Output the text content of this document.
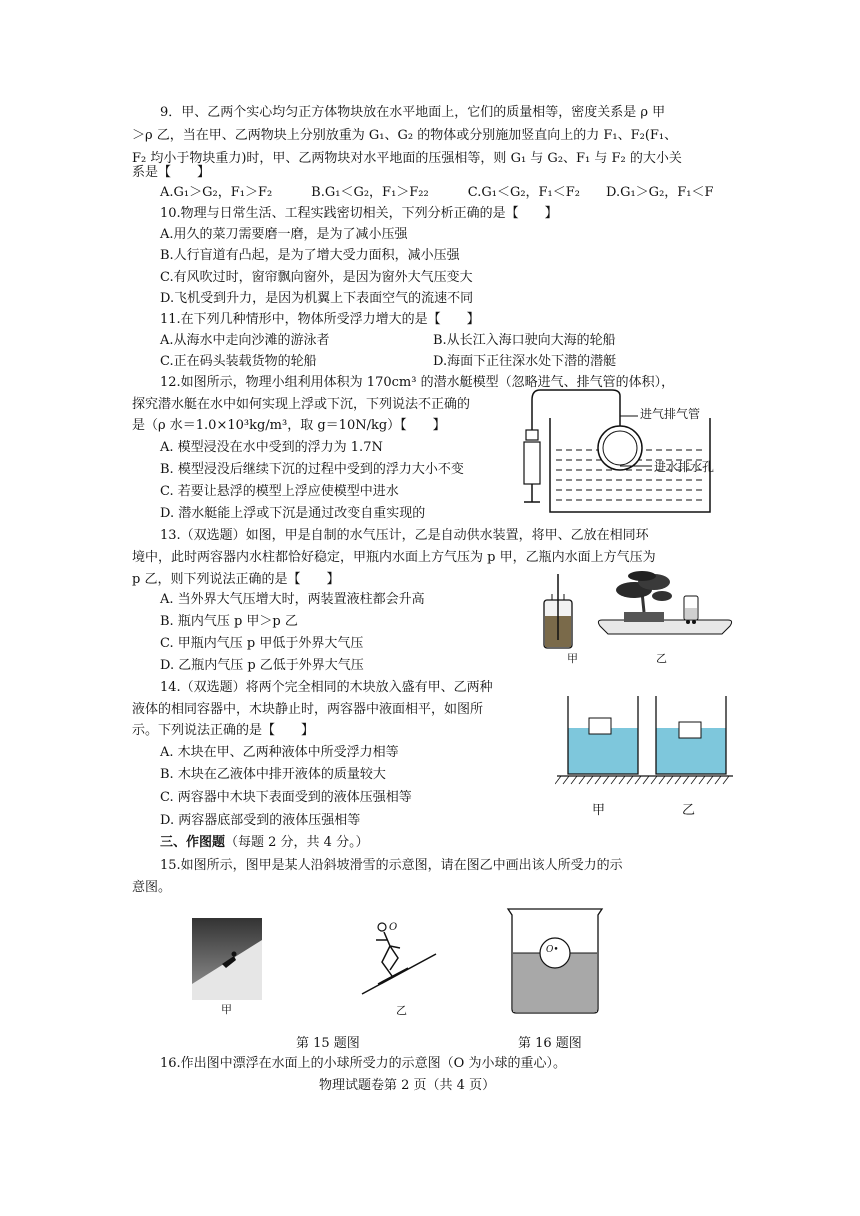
9．甲、乙两个实心均匀正方体物块放在水平地面上，它们的质量相等，密度关系是 ρ 甲
＞ρ 乙，当在甲、乙两物块上分别放重为 G₁、G₂ 的物体或分别施加竖直向上的力 F₁、F₂(F₁、
F₂ 均小于物块重力)时，甲、乙两物块对水平地面的压强相等，则 G₁ 与 G₂、F₁ 与 F₂ 的大小关
系是【　　】
A.G₁＞G₂，F₁＞F₂　　　B.G₁＜G₂，F₁＞F₂₂　　　C.G₁＜G₂，F₁＜F₂　　D.G₁＞G₂，F₁＜F
10.物理与日常生活、工程实践密切相关，下列分析正确的是【　　】
A.用久的菜刀需要磨一磨，是为了减小压强
B.人行盲道有凸起，是为了增大受力面积，减小压强
C.有风吹过时，窗帘飘向窗外，是因为窗外大气压变大
D.飞机受到升力，是因为机翼上下表面空气的流速不同
11.在下列几种情形中，物体所受浮力增大的是【　　】
A.从海水中走向沙滩的游泳者	B.从长江入海口驶向大海的轮船
C.正在码头装载货物的轮船	D.海面下正往深水处下潜的潜艇
12.如图所示，物理小组利用体积为 170cm³ 的潜水艇模型（忽略进气、排气管的体积），
探究潜水艇在水中如何实现上浮或下沉，下列说法不正确的
是（ρ 水＝1.0×10³kg/m³，取 g＝10N/kg）【　　】
A. 模型浸没在水中受到的浮力为 1.7N
B. 模型浸没后继续下沉的过程中受到的浮力大小不变
C. 若要让悬浮的模型上浮应使模型中进水
D. 潜水艇能上浮或下沉是通过改变自重实现的
进气排气管
进水排水孔
13.（双选题）如图，甲是自制的水气压计，乙是自动供水装置，将甲、乙放在相同环
境中，此时两容器内水柱都恰好稳定，甲瓶内水面上方气压为 p 甲，乙瓶内水面上方气压为
p 乙，则下列说法正确的是【　　】
A. 当外界大气压增大时，两装置液柱都会升高
B. 瓶内气压 p 甲＞p 乙
C. 甲瓶内气压 p 甲低于外界大气压
D. 乙瓶内气压 p 乙低于外界大气压	甲	乙
14.（双选题）将两个完全相同的木块放入盛有甲、乙两种
液体的相同容器中，木块静止时，两容器中液面相平，如图所
示。下列说法正确的是【　　】
A. 木块在甲、乙两种液体中所受浮力相等
B. 木块在乙液体中排开液体的质量较大
C. 两容器中木块下表面受到的液体压强相等
D. 两容器底部受到的液体压强相等
甲	乙
三、作图题（每题 2 分，共 4 分。）
15.如图所示，图甲是某人沿斜坡滑雪的示意图，请在图乙中画出该人所受力的示
意图。
甲
O
乙
O•
第 15 题图	第 16 题图
16.作出图中漂浮在水面上的小球所受力的示意图（O 为小球的重心）。
物理试题卷第 2 页（共 4 页）
